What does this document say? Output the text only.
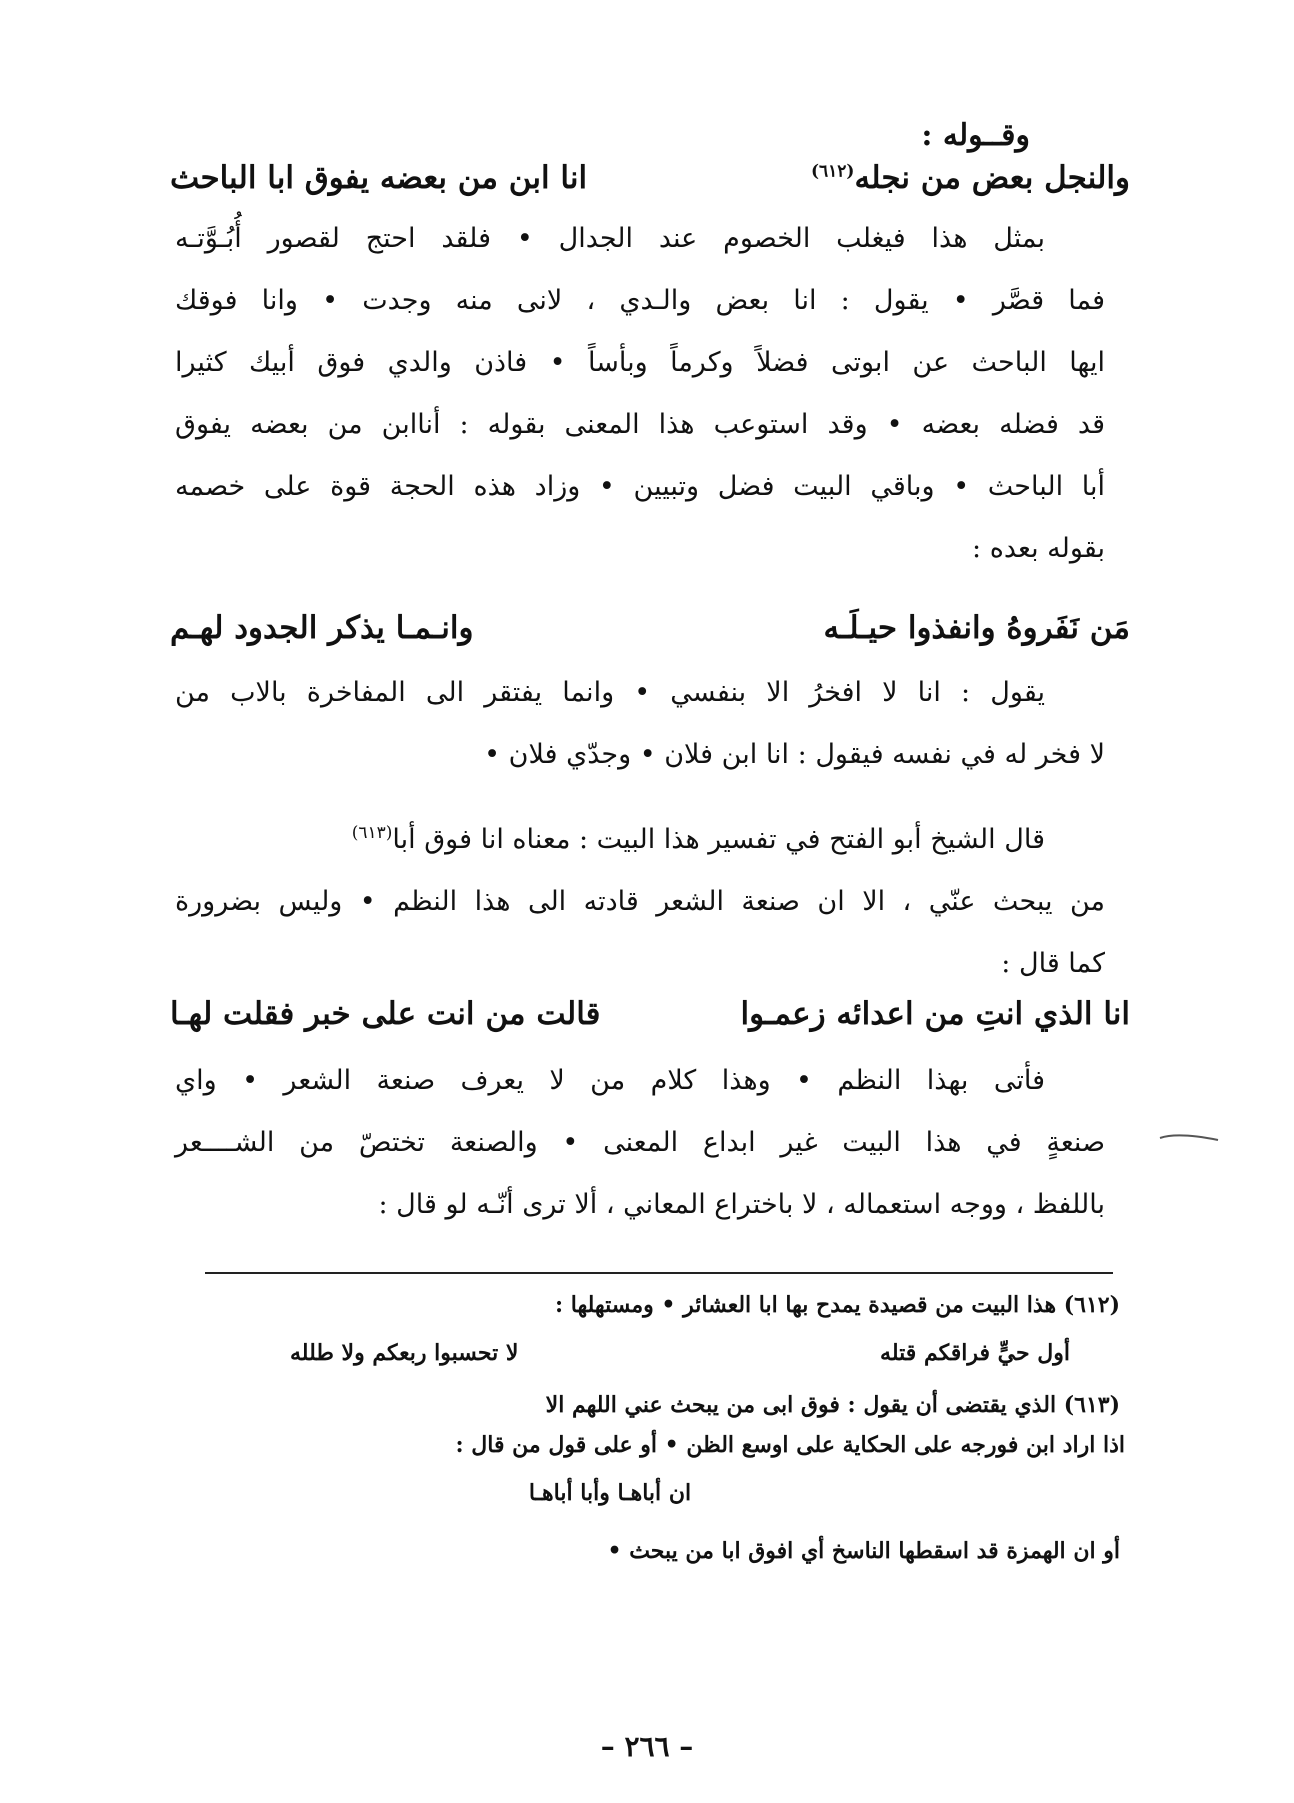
وقــوله :
انا ابن من بعضه يفوق ابا الباحث	والنجل بعض من نجله$^{(٦١٢)}$
بمثل هذا فيغلب الخصوم عند الجدال • فلقد احتج لقصور أُبُـوَّتـه
فما قصَّر • يقول : انا بعض والـدي ، لانى منه وجدت • وانا فوقك
ايها الباحث عن ابوتى فضلاً وكرماً وبأساً • فاذن والدي فوق أبيك كثيرا
قد فضله بعضه • وقد استوعب هذا المعنى بقوله : أناابن من بعضه يفوق
أبا الباحث • وباقي البيت فضل وتبيين • وزاد هذه الحجة قوة على خصمه
بقوله بعده :
وانـمـا يذكر الجدود لهـم	مَن نَفَروهُ وانفذوا حيـلَـه
يقول : انا لا افخرُ الا بنفسي • وانما يفتقر الى المفاخرة بالاب من
لا فخر له في نفسه فيقول : انا ابن فلان • وجدّي فلان •
قال الشيخ أبو الفتح في تفسير هذا البيت : معناه انا فوق أبا$^{(٦١٣)}$
من يبحث عنّي ، الا ان صنعة الشعر قادته الى هذا النظم • وليس بضرورة
كما قال :
قالت من انت على خبر فقلت لهـا	انا الذي انتِ من اعدائه زعمـوا
فأتى بهذا النظم • وهذا كلام من لا يعرف صنعة الشعر • واي
صنعةٍ في هذا البيت غير ابداع المعنى • والصنعة تختصّ من الشــــعر
باللفظ ، ووجه استعماله ، لا باختراع المعاني ، ألا ترى أنّـه لو قال :
(٦١٢) هذا البيت من قصيدة يمدح بها ابا العشائر • ومستهلها :
لا تحسبوا ربعكم ولا طلله	أول حيٍّ فراقكم قتله
(٦١٣) الذي يقتضى أن يقول : فوق ابى من يبحث عني اللهم الا
اذا اراد ابن فورجه على الحكاية على اوسع الظن • أو على قول من قال :
ان أباهـا وأبا أباهـا
أو ان الهمزة قد اسقطها الناسخ أي افوق ابا من يبحث •
– ٢٦٦ –
